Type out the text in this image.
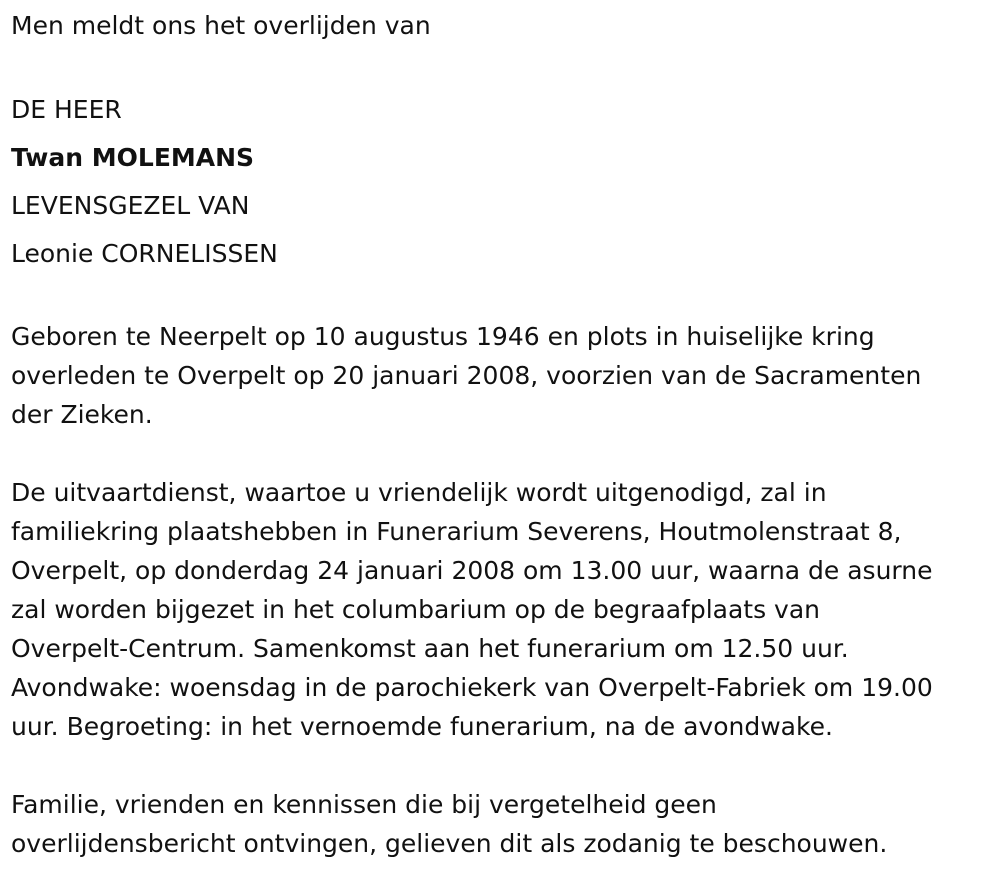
Men meldt ons het overlijden van
DE HEER
Twan MOLEMANS
LEVENSGEZEL VAN
Leonie CORNELISSEN
Geboren te Neerpelt op 10 augustus 1946 en plots in huiselijke kring
overleden te Overpelt op 20 januari 2008, voorzien van de Sacramenten
der Zieken.
De uitvaartdienst, waartoe u vriendelijk wordt uitgenodigd, zal in
familiekring plaatshebben in Funerarium Severens, Houtmolenstraat 8,
Overpelt, op donderdag 24 januari 2008 om 13.00 uur, waarna de asurne
zal worden bijgezet in het columbarium op de begraafplaats van
Overpelt-Centrum. Samenkomst aan het funerarium om 12.50 uur.
Avondwake: woensdag in de parochiekerk van Overpelt-Fabriek om 19.00
uur. Begroeting: in het vernoemde funerarium, na de avondwake.
Familie, vrienden en kennissen die bij vergetelheid geen
overlijdensbericht ontvingen, gelieven dit als zodanig te beschouwen.
